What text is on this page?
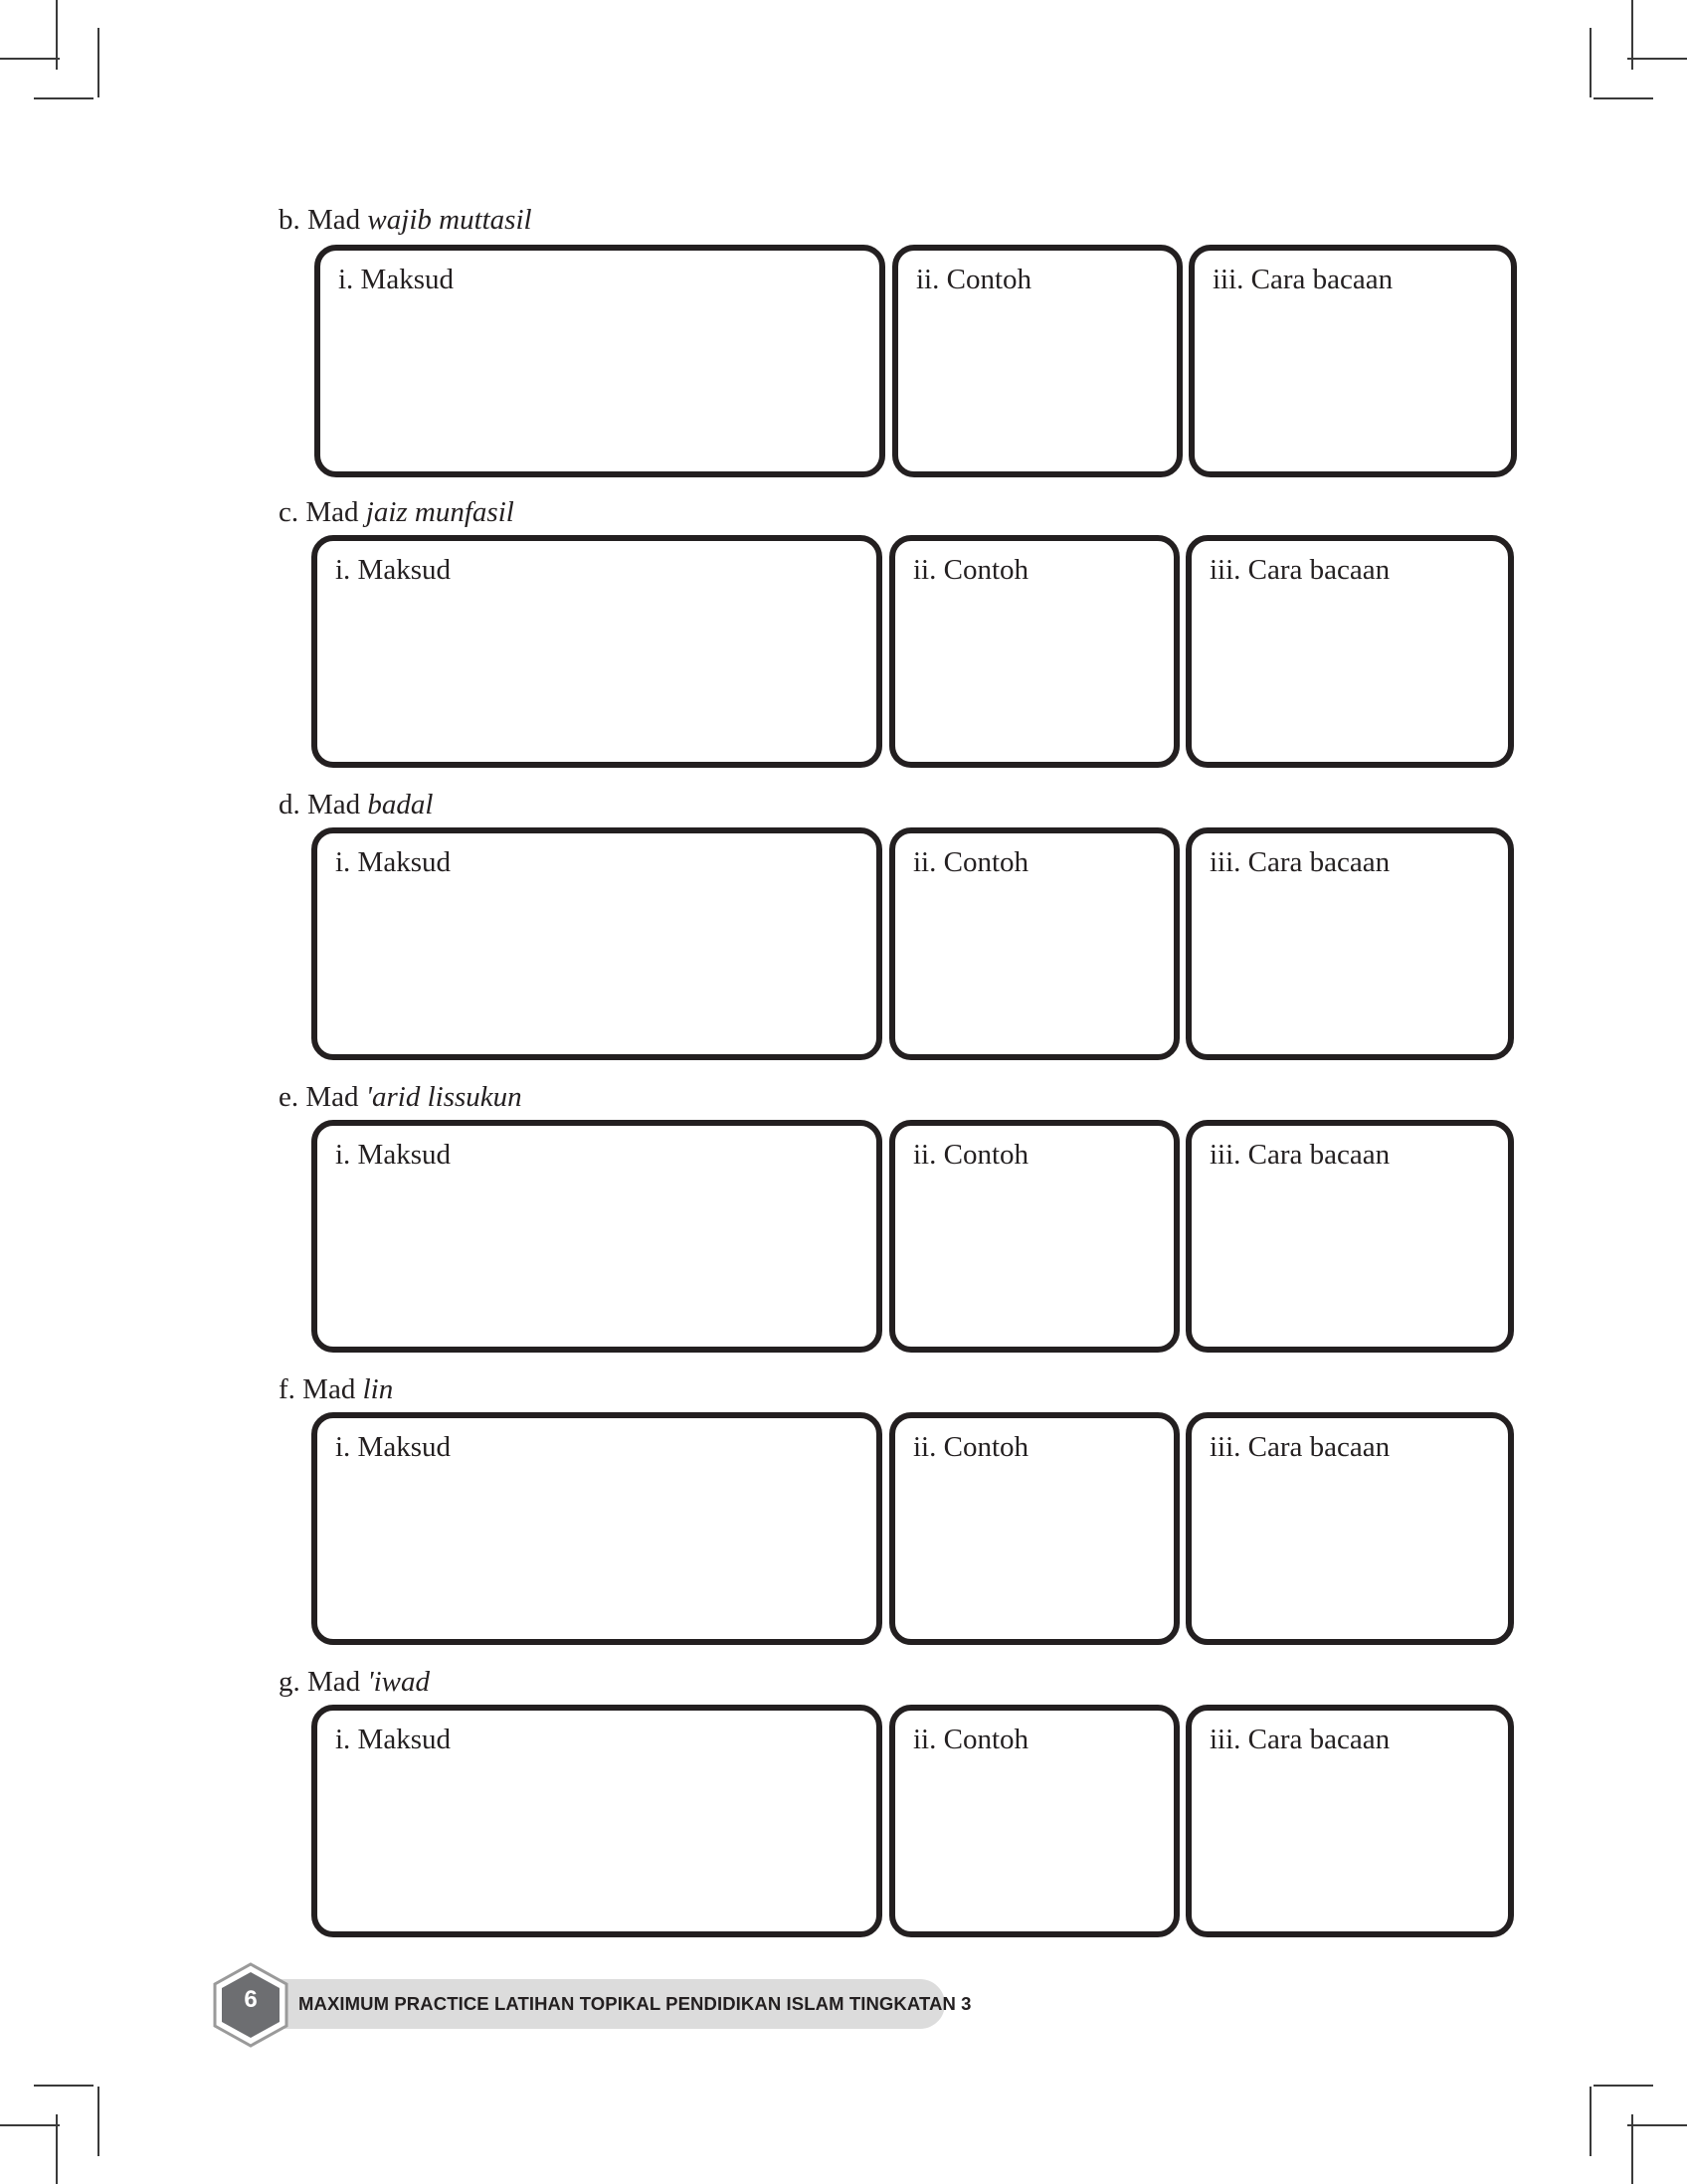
b. Mad wajib muttasil
i. Maksud	ii. Contoh	iii. Cara bacaan
c. Mad jaiz munfasil
i. Maksud	ii. Contoh	iii. Cara bacaan
d. Mad badal
i. Maksud	ii. Contoh	iii. Cara bacaan
e. Mad 'arid lissukun
i. Maksud	ii. Contoh	iii. Cara bacaan
f. Mad lin
i. Maksud	ii. Contoh	iii. Cara bacaan
g. Mad 'iwad
i. Maksud	ii. Contoh	iii. Cara bacaan
6	MAXIMUM PRACTICE LATIHAN TOPIKAL PENDIDIKAN ISLAM TINGKATAN 3
